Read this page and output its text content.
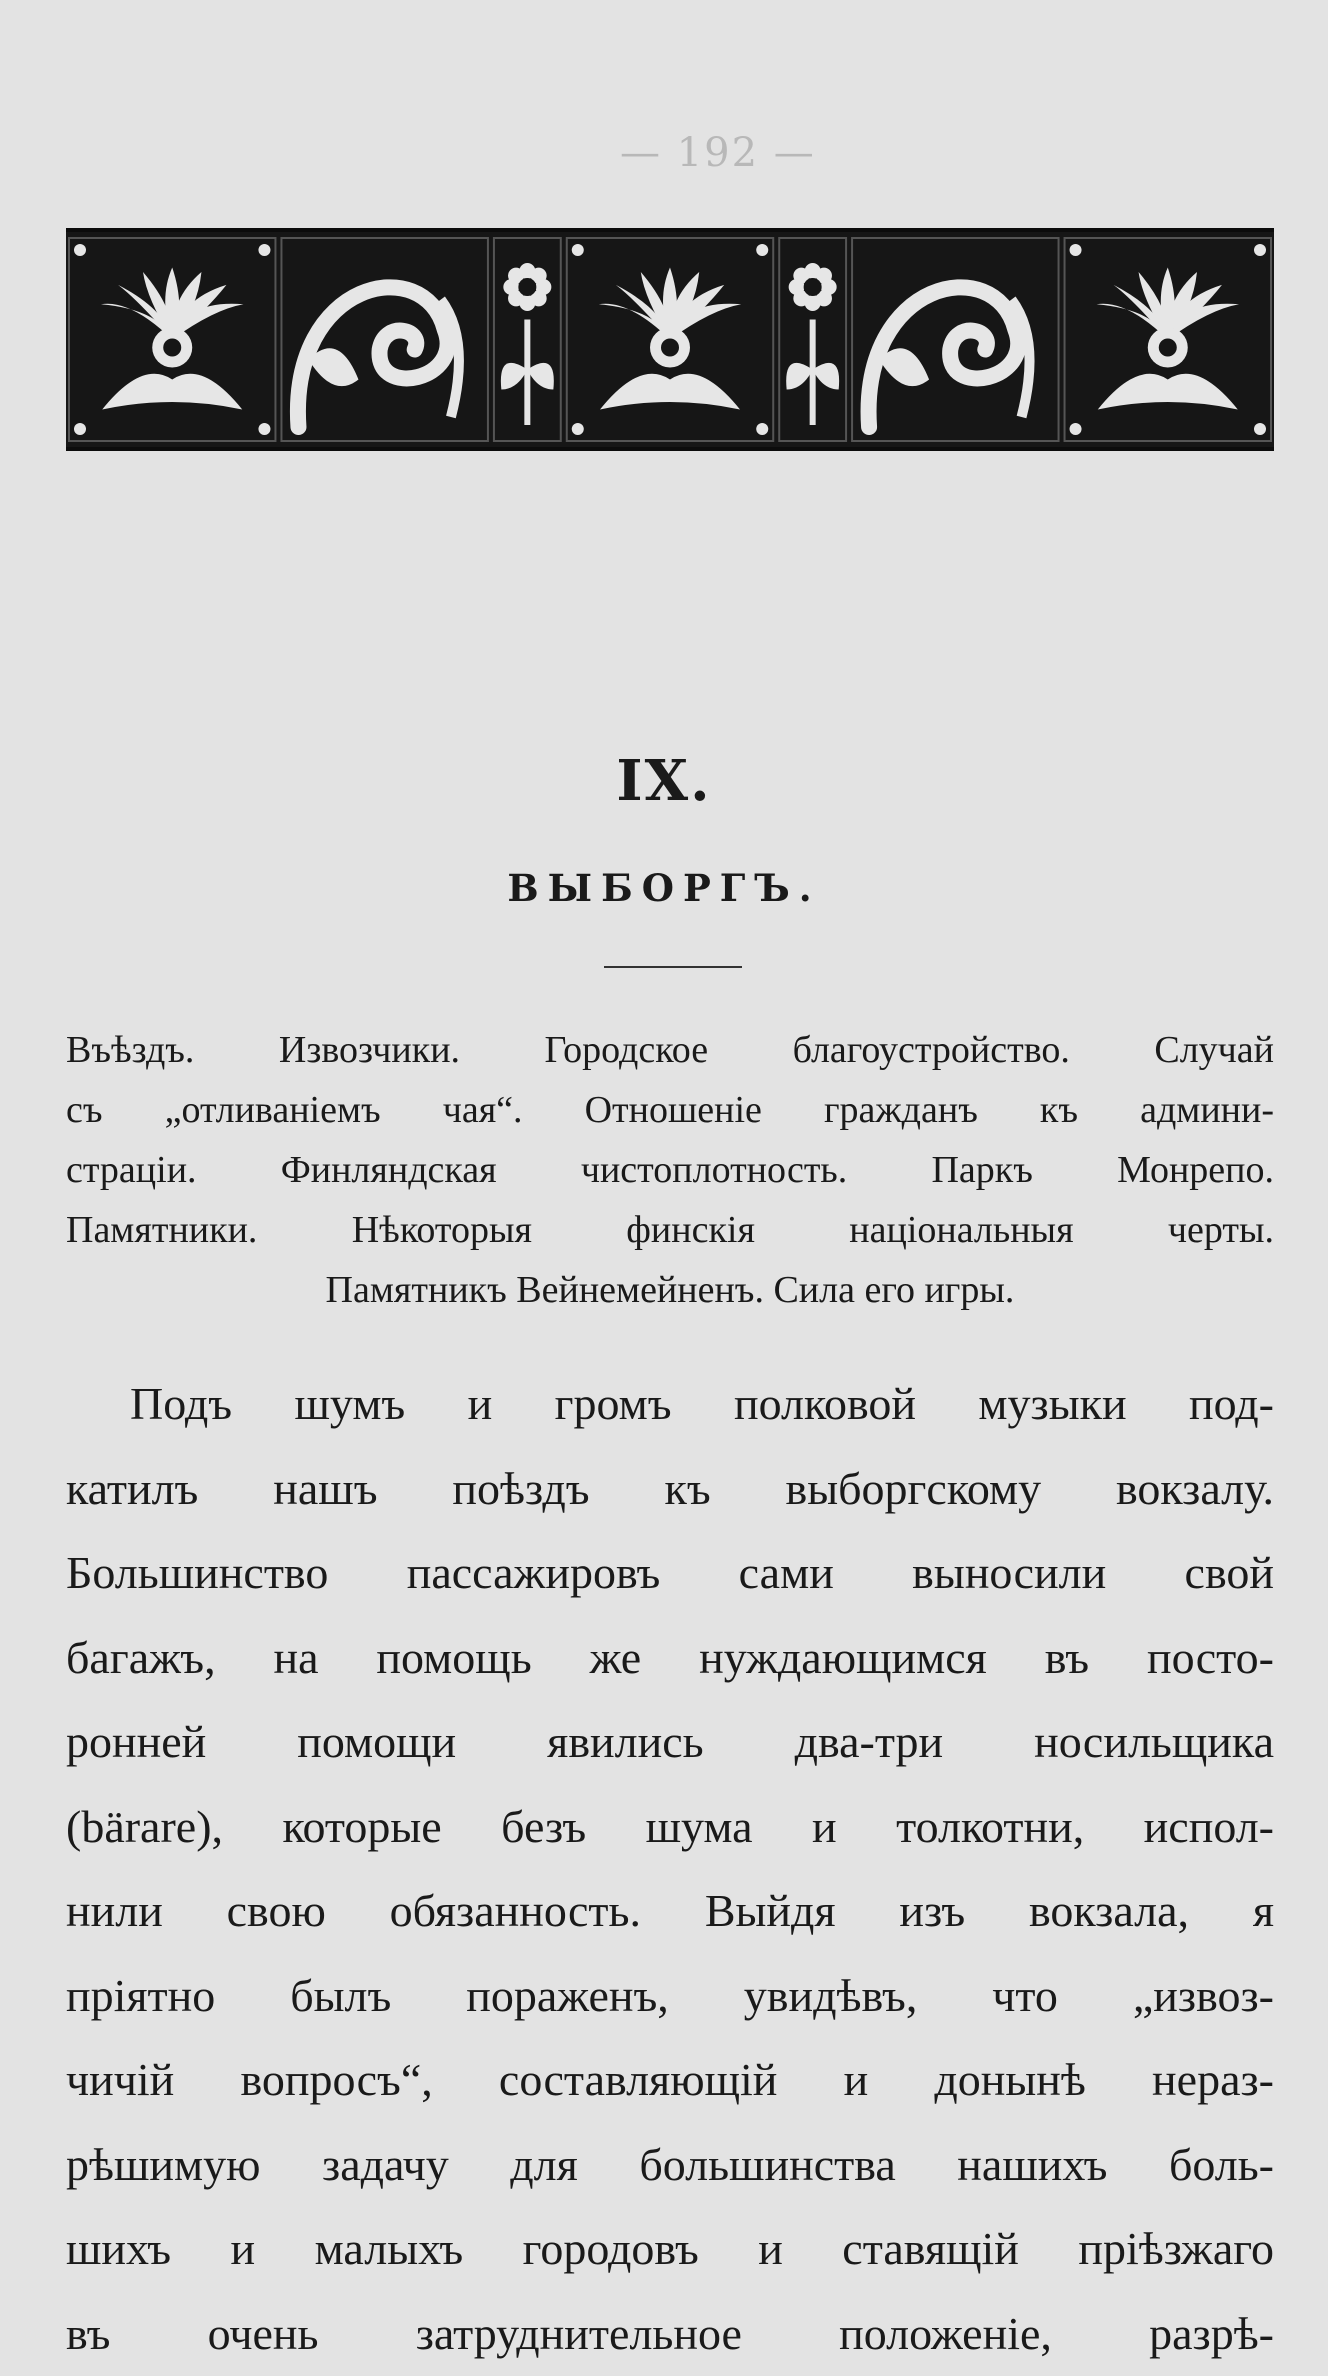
— 192 —
IX.
ВЫБОРГЪ.
Въѣздъ. Извозчики. Городское благоустройство. Случай
съ „отливаніемъ чая“. Отношеніе гражданъ къ админи-
страціи. Финляндская чистоплотность. Паркъ Монрепо.
Памятники. Нѣкоторыя финскія національныя черты.
Памятникъ Вейнемейненъ. Сила его игры.
Подъ шумъ и громъ полковой музыки под-
катилъ нашъ поѣздъ къ выборгскому вокзалу.
Большинство пассажировъ сами выносили свой
багажъ, на помощь же нуждающимся въ посто-
ронней помощи явились два-три носильщика
(bärare), которые безъ шума и толкотни, испол-
нили свою обязанность. Выйдя изъ вокзала, я
пріятно былъ пораженъ, увидѣвъ, что „извоз-
чичій вопросъ“, составляющій и донынѣ нераз-
рѣшимую задачу для большинства нашихъ боль-
шихъ и малыхъ городовъ и ставящій пріѣзжаго
въ очень затруднительное положеніе, разрѣ-
